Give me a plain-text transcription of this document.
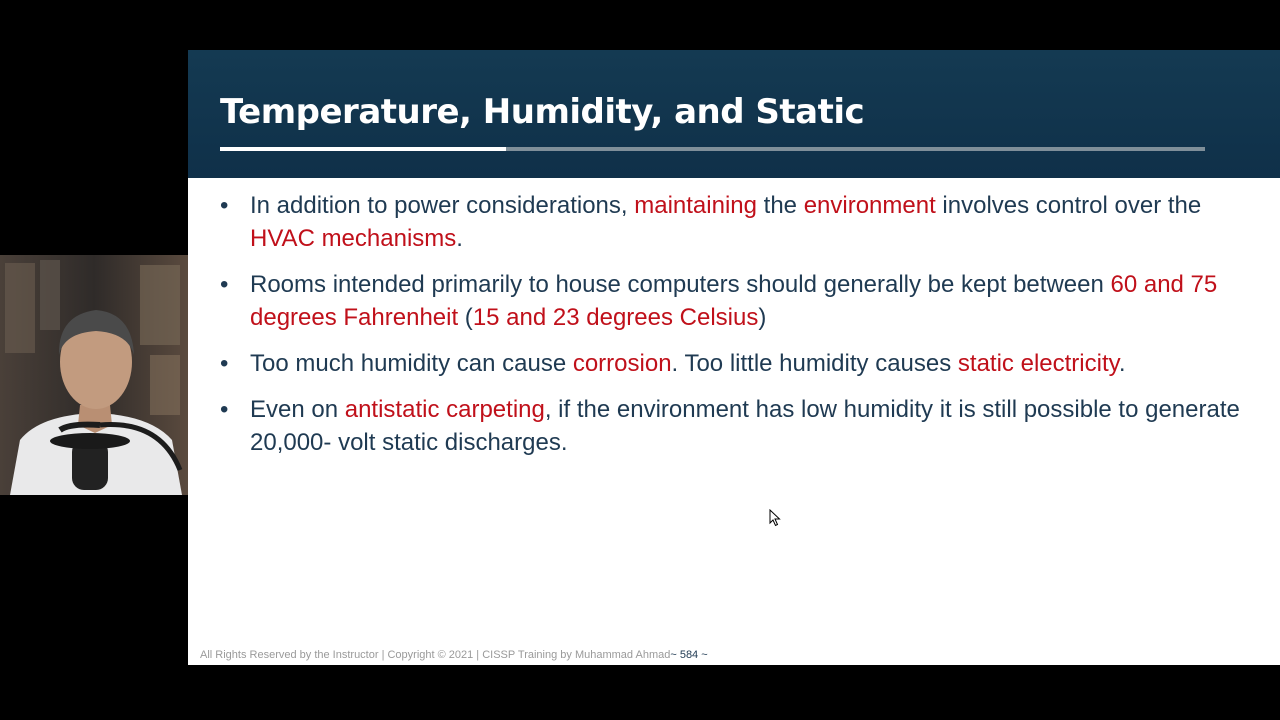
Temperature, Humidity, and Static
• In addition to power considerations, maintaining the environment involves control over the HVAC mechanisms.
• Rooms intended primarily to house computers should generally be kept between 60 and 75 degrees Fahrenheit (15 and 23 degrees Celsius)
• Too much humidity can cause corrosion. Too little humidity causes static electricity.
• Even on antistatic carpeting, if the environment has low humidity it is still possible to generate 20,000- volt static discharges.
All Rights Reserved by the Instructor | Copyright © 2021 | CISSP Training by Muhammad Ahmad~ 584 ~
